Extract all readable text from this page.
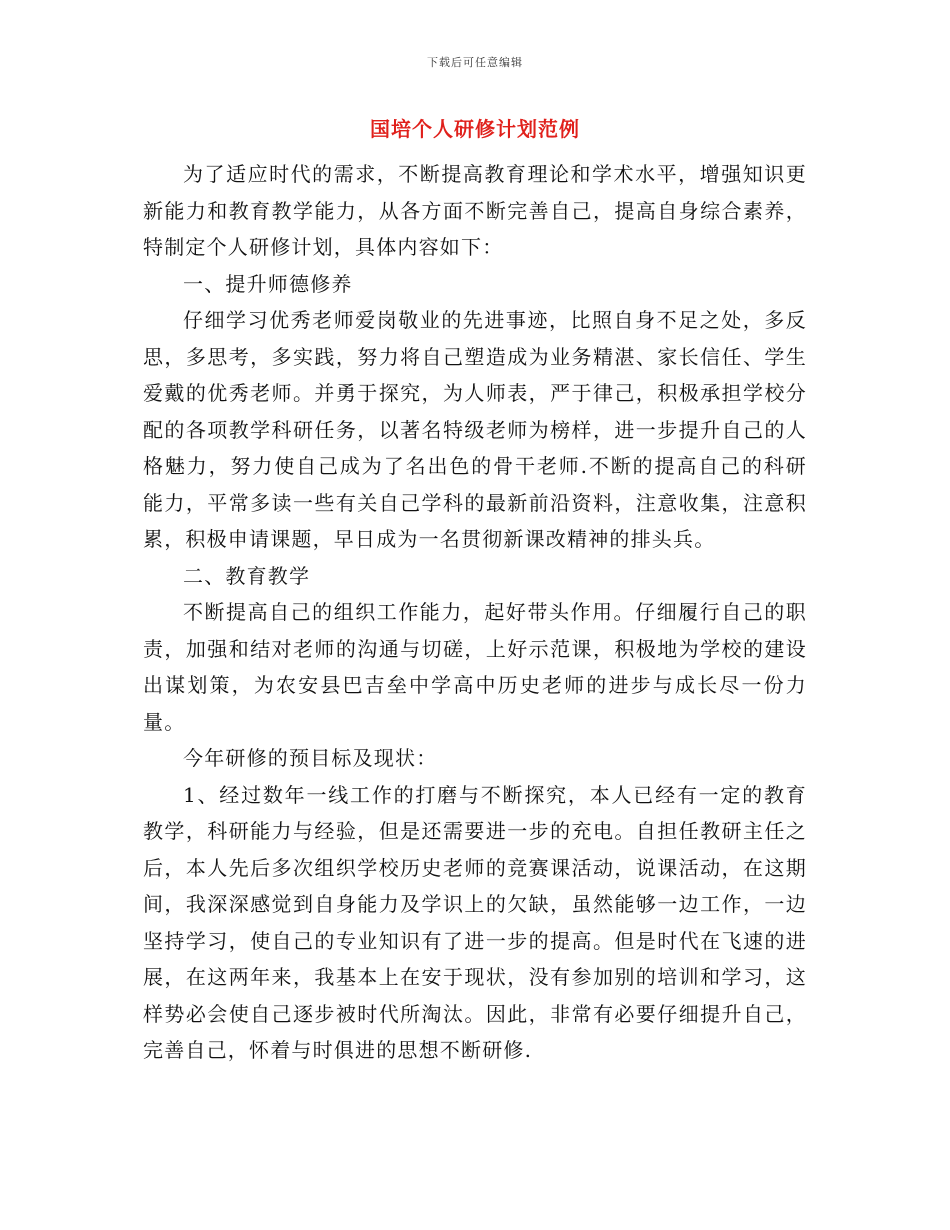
下载后可任意编辑
国培个人研修计划范例

为了适应时代的需求，不断提高教育理论和学术水平，增强知识更新能力和教育教学能力，从各方面不断完善自己，提高自身综合素养，特制定个人研修计划，具体内容如下：

一、提升师德修养

仔细学习优秀老师爱岗敬业的先进事迹，比照自身不足之处，多反思，多思考，多实践，努力将自己塑造成为业务精湛、家长信任、学生爱戴的优秀老师。并勇于探究，为人师表，严于律己，积极承担学校分配的各项教学科研任务，以著名特级老师为榜样，进一步提升自己的人格魅力，努力使自己成为了名出色的骨干老师.不断的提高自己的科研能力，平常多读一些有关自己学科的最新前沿资料，注意收集，注意积累，积极申请课题，早日成为一名贯彻新课改精神的排头兵。

二、教育教学

不断提高自己的组织工作能力，起好带头作用。仔细履行自己的职责，加强和结对老师的沟通与切磋，上好示范课，积极地为学校的建设出谋划策，为农安县巴吉垒中学高中历史老师的进步与成长尽一份力量。

今年研修的预目标及现状：

1、经过数年一线工作的打磨与不断探究，本人已经有一定的教育教学，科研能力与经验，但是还需要进一步的充电。自担任教研主任之后，本人先后多次组织学校历史老师的竞赛课活动，说课活动，在这期间，我深深感觉到自身能力及学识上的欠缺，虽然能够一边工作，一边坚持学习，使自己的专业知识有了进一步的提高。但是时代在飞速的进展，在这两年来，我基本上在安于现状，没有参加别的培训和学习，这样势必会使自己逐步被时代所淘汰。因此，非常有必要仔细提升自己，完善自己，怀着与时俱进的思想不断研修.
